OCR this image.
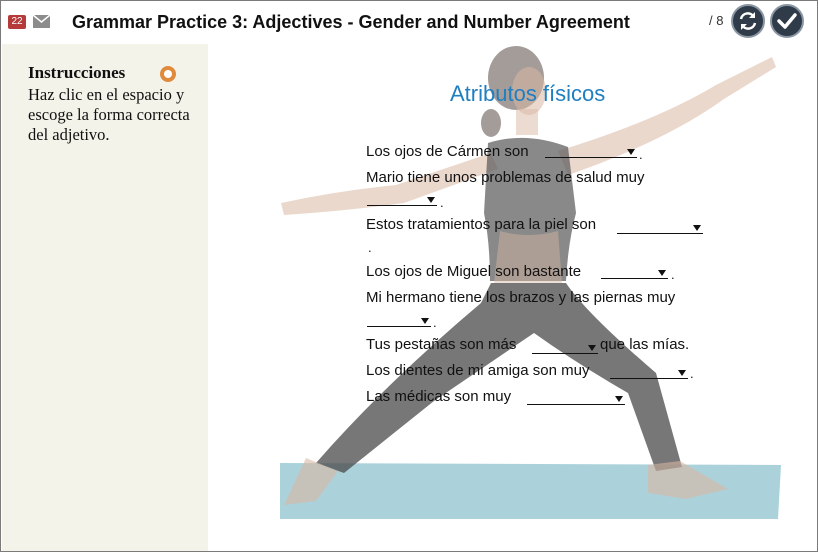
22	Grammar Practice 3: Adjectives - Gender and Number Agreement	/ 8
Instrucciones
Haz clic en el espacio y escoge la forma correcta del adjetivo.
Atributos físicos
Los ojos de Cármen son	.
Mario tiene unos problemas de salud muy
.
Estos tratamientos para la piel son
.
Los ojos de Miguel son bastante	.
Mi hermano tiene los brazos y las piernas muy
.
Tus pestañas son más	que las mías.
Los dientes de mi amiga son muy	.
Las médicas son muy
